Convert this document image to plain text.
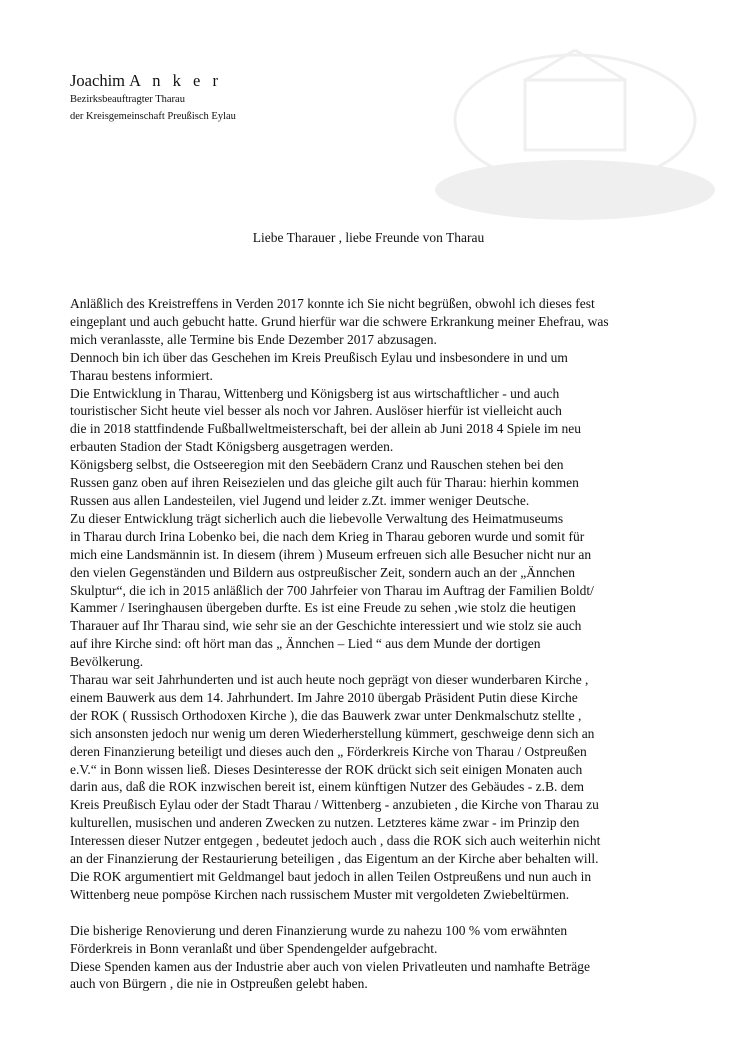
Joachim A n k e r

Bezirksbeauftragter Tharau

der Kreisgemeinschaft Preußisch Eylau

Liebe Tharauer , liebe Freunde von Tharau

Anläßlich des Kreistreffens in Verden 2017 konnte ich Sie nicht begrüßen, obwohl ich dieses fest
eingeplant und auch gebucht hatte. Grund hierfür war die schwere Erkrankung meiner Ehefrau, was
mich veranlasste, alle Termine bis Ende Dezember 2017 abzusagen.

Dennoch bin ich über das Geschehen im Kreis Preußisch Eylau und insbesondere in und um
Tharau bestens informiert.

Die Entwicklung in Tharau, Wittenberg und Königsberg ist aus wirtschaftlicher - und auch
touristischer Sicht heute viel besser als noch vor Jahren. Auslöser hierfür ist vielleicht auch
die in 2018 stattfindende Fußballweltmeisterschaft, bei der allein ab Juni 2018 4 Spiele im neu
erbauten Stadion der Stadt Königsberg ausgetragen werden.

Königsberg selbst, die Ostseeregion mit den Seebädern Cranz und Rauschen stehen bei den
Russen ganz oben auf ihren Reisezielen und das gleiche gilt auch für Tharau: hierhin kommen
Russen aus allen Landesteilen, viel Jugend und leider z.Zt. immer weniger Deutsche.

Zu dieser Entwicklung trägt sicherlich auch die liebevolle Verwaltung des Heimatmuseums
in Tharau durch Irina Lobenko bei, die nach dem Krieg in Tharau geboren wurde und somit für
mich eine Landsmännin ist. In diesem (ihrem ) Museum erfreuen sich alle Besucher nicht nur an
den vielen Gegenständen und Bildern aus ostpreußischer Zeit, sondern auch an der „Ännchen
Skulptur“, die ich in 2015 anläßlich der 700 Jahrfeier von Tharau im Auftrag der Familien Boldt/
Kammer / Iseringhausen übergeben durfte. Es ist eine Freude zu sehen ,wie stolz die heutigen
Tharauer auf Ihr Tharau sind, wie sehr sie an der Geschichte interessiert und wie stolz sie auch
auf ihre Kirche sind: oft hört man das „ Ännchen – Lied “ aus dem Munde der dortigen
Bevölkerung.

Tharau war seit Jahrhunderten und ist auch heute noch geprägt von dieser wunderbaren Kirche ,
einem Bauwerk aus dem 14. Jahrhundert. Im Jahre 2010 übergab Präsident Putin diese Kirche
der ROK ( Russisch Orthodoxen Kirche ), die das Bauwerk zwar unter Denkmalschutz stellte ,
sich ansonsten jedoch nur wenig um deren Wiederherstellung kümmert, geschweige denn sich an
deren Finanzierung beteiligt und dieses auch den „ Förderkreis Kirche von Tharau / Ostpreußen
e.V.“ in Bonn wissen ließ. Dieses Desinteresse der ROK drückt sich seit einigen Monaten auch
darin aus, daß die ROK inzwischen bereit ist, einem künftigen Nutzer des Gebäudes - z.B. dem
Kreis Preußisch Eylau oder der Stadt Tharau / Wittenberg - anzubieten , die Kirche von Tharau zu
kulturellen, musischen und anderen Zwecken zu nutzen. Letzteres käme zwar - im Prinzip den
Interessen dieser Nutzer entgegen , bedeutet jedoch auch , dass die ROK sich auch weiterhin nicht
an der Finanzierung der Restaurierung beteiligen , das Eigentum an der Kirche aber behalten will.
Die ROK argumentiert mit Geldmangel baut jedoch in allen Teilen Ostpreußens und nun auch in
Wittenberg neue pompöse Kirchen nach russischem Muster mit vergoldeten Zwiebeltürmen.

Die bisherige Renovierung und deren Finanzierung wurde zu nahezu 100 % vom erwähnten
Förderkreis in Bonn veranlaßt und über Spendengelder aufgebracht.

Diese Spenden kamen aus der Industrie aber auch von vielen Privatleuten und namhafte Beträge
auch von Bürgern , die nie in Ostpreußen gelebt haben.
